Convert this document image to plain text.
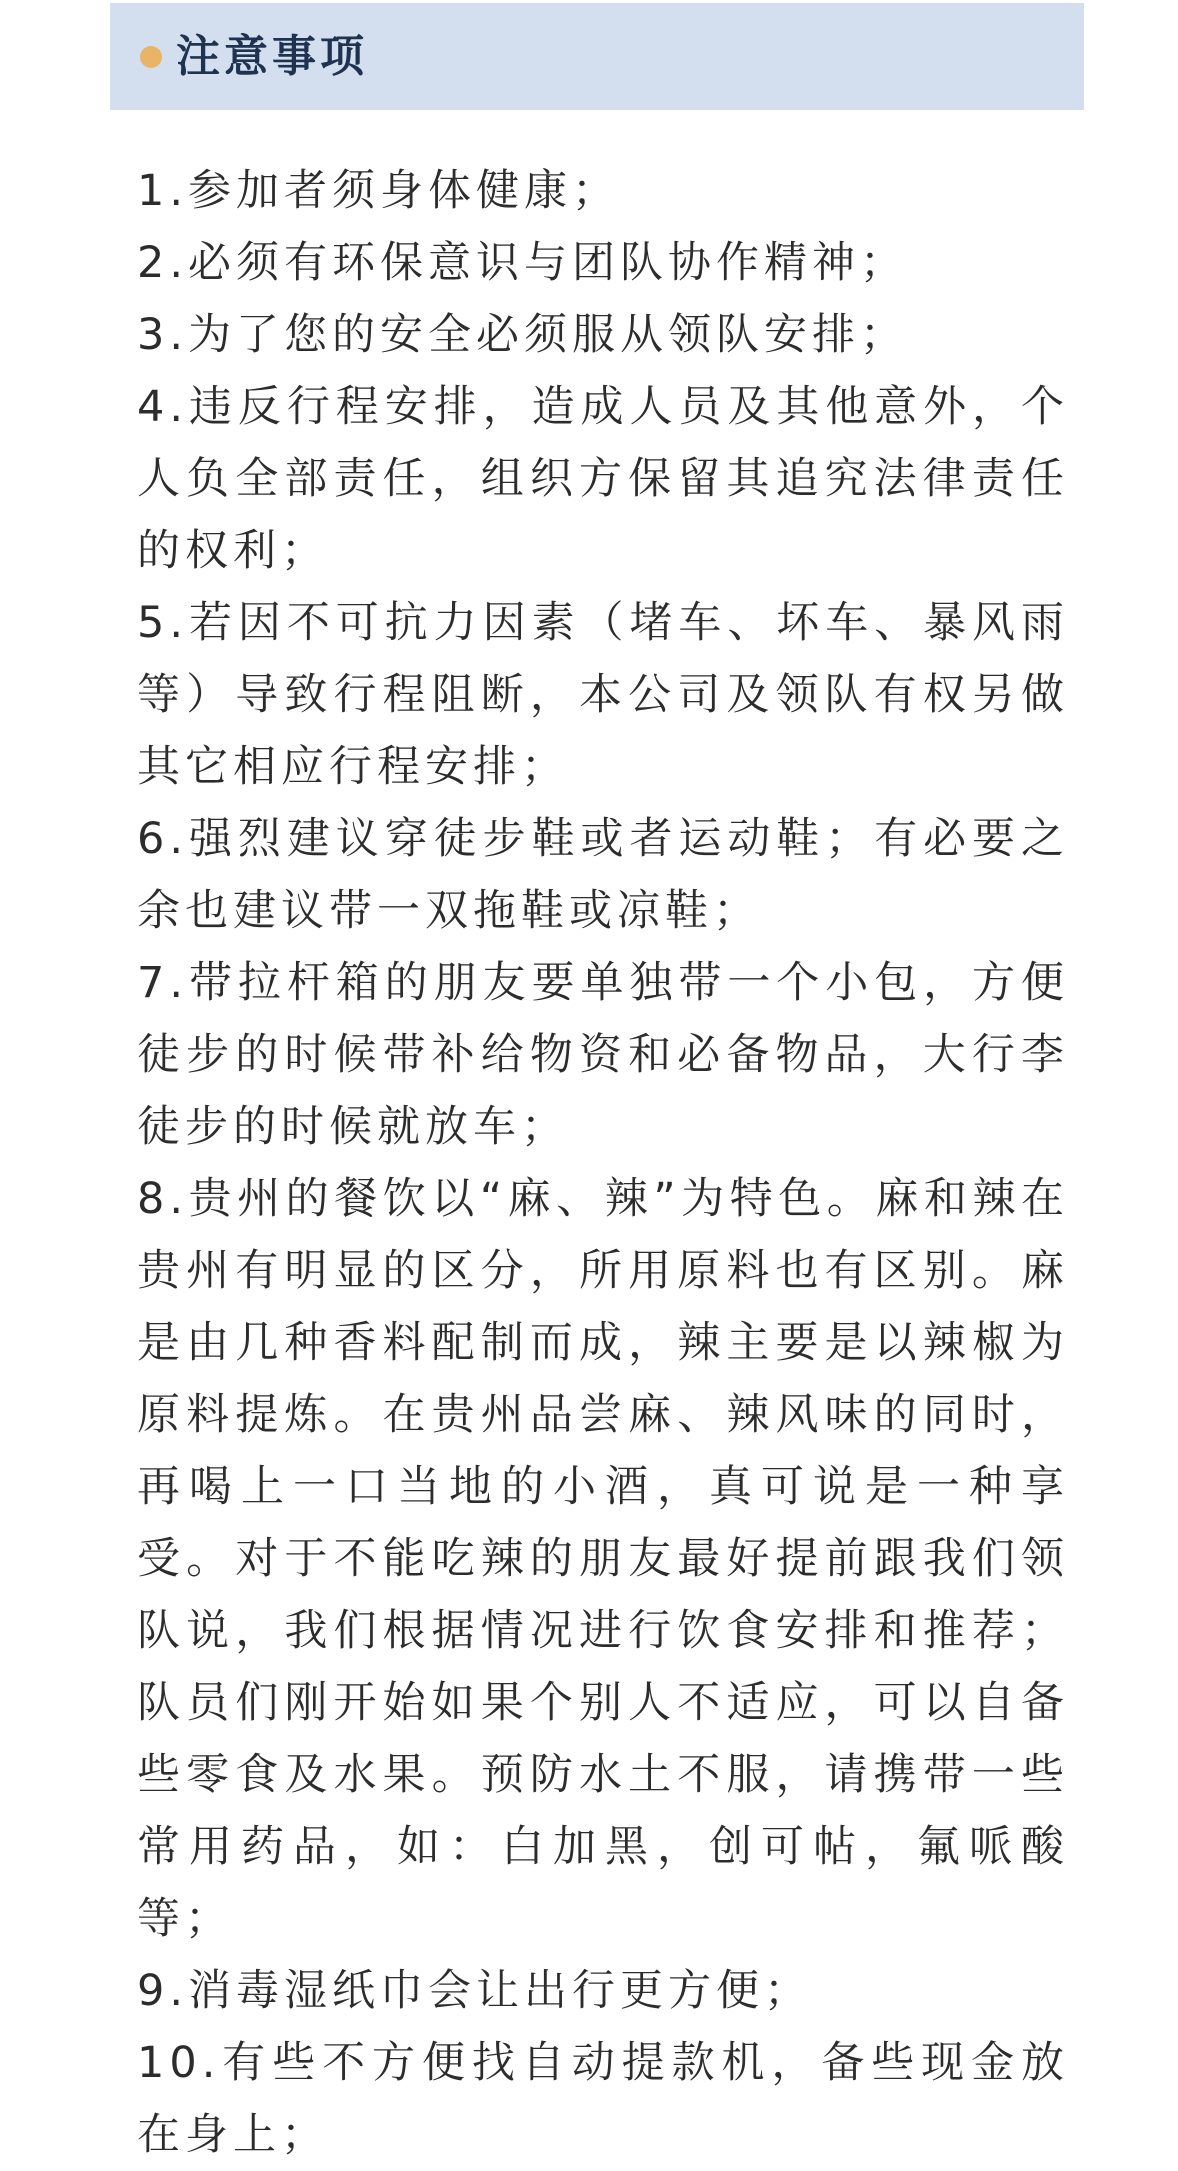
注意事项

1.参加者须身体健康；

2.必须有环保意识与团队协作精神；

3.为了您的安全必须服从领队安排；

4.违反行程安排，造成人员及其他意外，个人负全部责任，组织方保留其追究法律责任的权利；

5.若因不可抗力因素（堵车、坏车、暴风雨等）导致行程阻断，本公司及领队有权另做其它相应行程安排；

6.强烈建议穿徒步鞋或者运动鞋；有必要之余也建议带一双拖鞋或凉鞋；

7.带拉杆箱的朋友要单独带一个小包，方便徒步的时候带补给物资和必备物品，大行李徒步的时候就放车；

8.贵州的餐饮以“麻、辣”为特色。麻和辣在贵州有明显的区分，所用原料也有区别。麻是由几种香料配制而成，辣主要是以辣椒为原料提炼。在贵州品尝麻、辣风味的同时，再喝上一口当地的小酒，真可说是一种享受。对于不能吃辣的朋友最好提前跟我们领队说，我们根据情况进行饮食安排和推荐；队员们刚开始如果个别人不适应，可以自备些零食及水果。预防水土不服，请携带一些常用药品，如：白加黑，创可帖，氟哌酸等；

9.消毒湿纸巾会让出行更方便；

10.有些不方便找自动提款机，备些现金放在身上；
